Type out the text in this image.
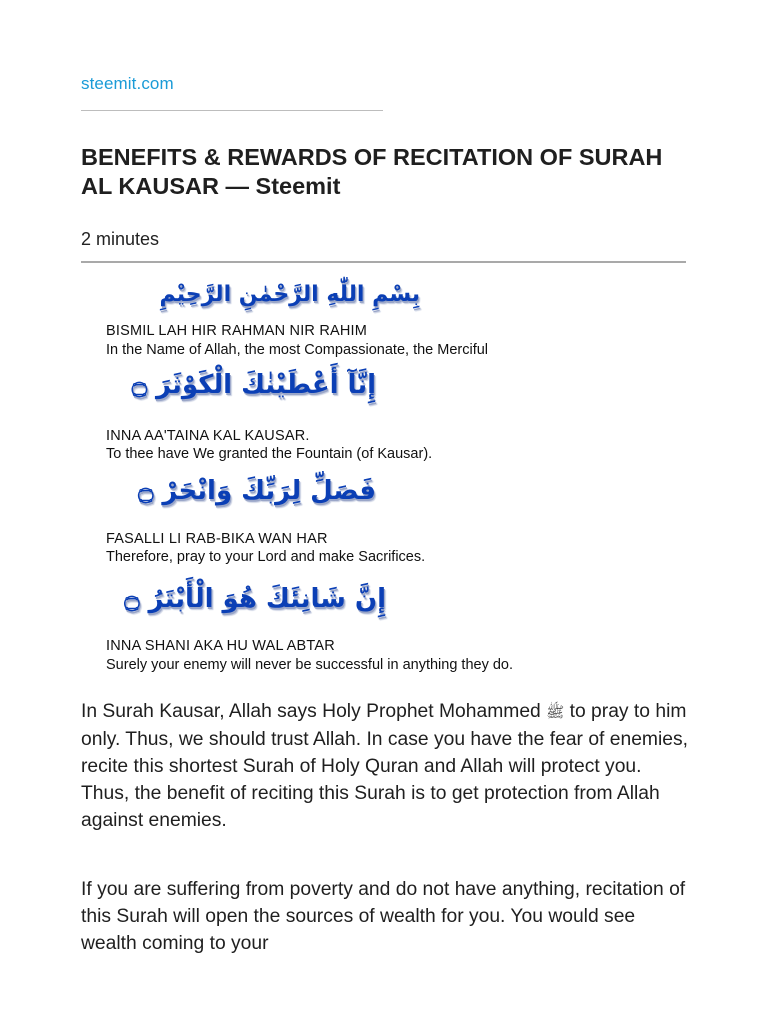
steemit.com
BENEFITS & REWARDS OF RECITATION OF SURAH AL KAUSAR — Steemit
2 minutes
بِسْمِ اللّٰهِ الرَّحْمٰنِ الرَّحِيْمِ
BISMIL LAH HIR RAHMAN NIR RAHIM
In the Name of Allah, the most Compassionate, the Merciful
إِنَّآ أَعْطَيْنٰكَ الْكَوْثَرَ ۝
INNA AA'TAINA KAL KAUSAR.
To thee have We granted the Fountain (of Kausar).
فَصَلِّ لِرَبِّكَ وَانْحَرْ ۝
FASALLI LI RAB-BIKA WAN HAR
Therefore, pray to your Lord and make Sacrifices.
إِنَّ شَانِئَكَ هُوَ الْأَبْتَرُ ۝
INNA SHANI AKA HU WAL ABTAR
Surely your enemy will never be successful in anything they do.

In Surah Kausar, Allah says Holy Prophet Mohammed ﷺ to pray to him only. Thus, we should trust Allah. In case you have the fear of enemies, recite this shortest Surah of Holy Quran and Allah will protect you. Thus, the benefit of reciting this Surah is to get protection from Allah against enemies.

If you are suffering from poverty and do not have anything, recitation of this Surah will open the sources of wealth for you. You would see wealth coming to your
